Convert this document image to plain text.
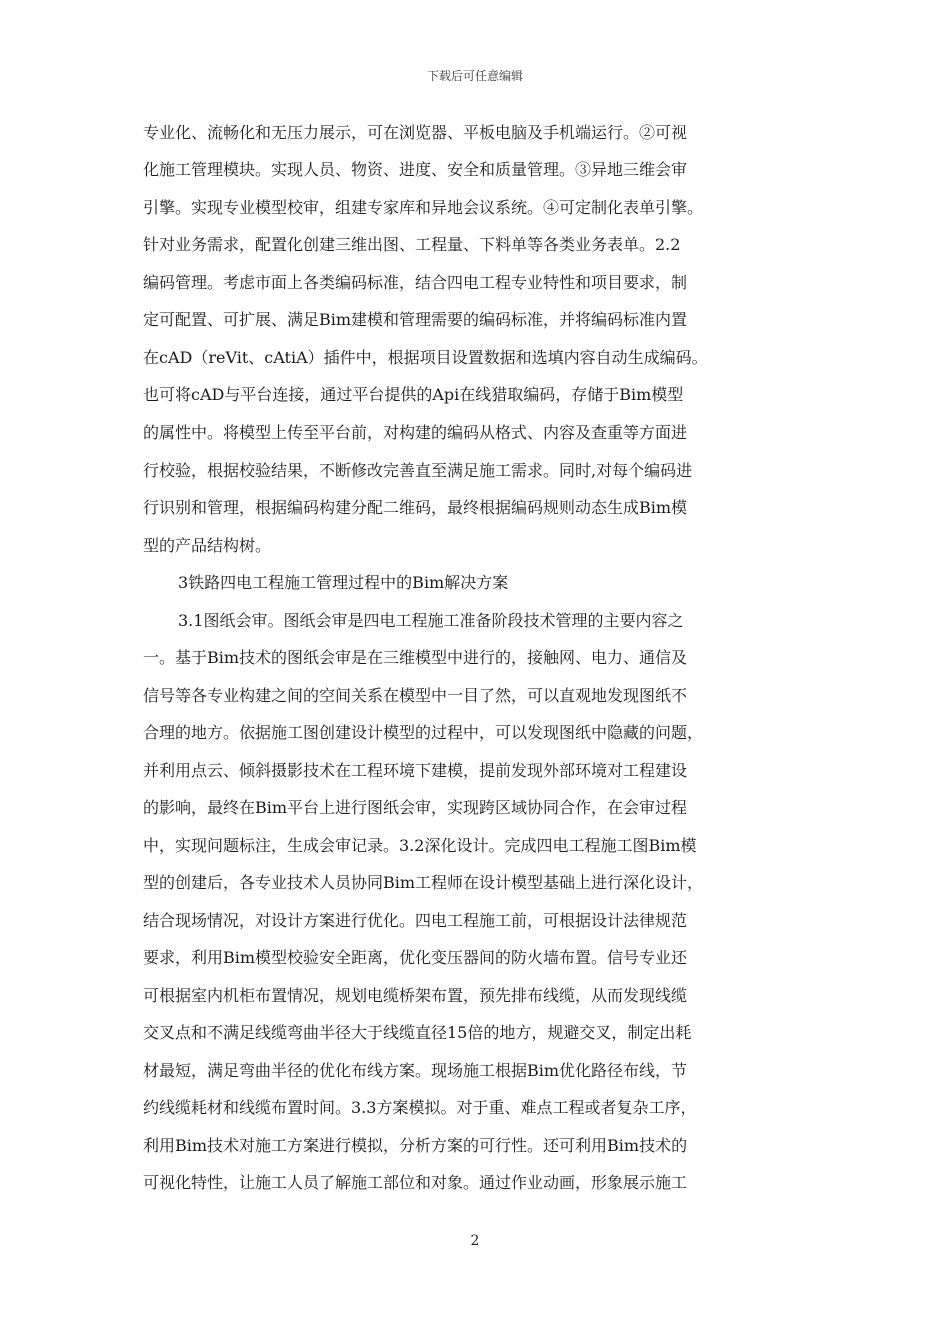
下载后可任意编辑
专业化、流畅化和无压力展示，可在浏览器、平板电脑及手机端运行。②可视
化施工管理模块。实现人员、物资、进度、安全和质量管理。③异地三维会审
引擎。实现专业模型校审，组建专家库和异地会议系统。④可定制化表单引擎。
针对业务需求，配置化创建三维出图、工程量、下料单等各类业务表单。2.2
编码管理。考虑市面上各类编码标准，结合四电工程专业特性和项目要求，制
定可配置、可扩展、满足Bim建模和管理需要的编码标准，并将编码标准内置
在cAD（reVit、cAtiA）插件中，根据项目设置数据和选填内容自动生成编码。
也可将cAD与平台连接，通过平台提供的Api在线猎取编码，存储于Bim模型
的属性中。将模型上传至平台前，对构建的编码从格式、内容及查重等方面进
行校验，根据校验结果，不断修改完善直至满足施工需求。同时,对每个编码进
行识别和管理，根据编码构建分配二维码，最终根据编码规则动态生成Bim模
型的产品结构树。
3铁路四电工程施工管理过程中的Bim解决方案
3.1图纸会审。图纸会审是四电工程施工准备阶段技术管理的主要内容之
一。基于Bim技术的图纸会审是在三维模型中进行的，接触网、电力、通信及
信号等各专业构建之间的空间关系在模型中一目了然，可以直观地发现图纸不
合理的地方。依据施工图创建设计模型的过程中，可以发现图纸中隐藏的问题，
并利用点云、倾斜摄影技术在工程环境下建模，提前发现外部环境对工程建设
的影响，最终在Bim平台上进行图纸会审，实现跨区域协同合作，在会审过程
中，实现问题标注，生成会审记录。3.2深化设计。完成四电工程施工图Bim模
型的创建后，各专业技术人员协同Bim工程师在设计模型基础上进行深化设计，
结合现场情况，对设计方案进行优化。四电工程施工前，可根据设计法律规范
要求，利用Bim模型校验安全距离，优化变压器间的防火墙布置。信号专业还
可根据室内机柜布置情况，规划电缆桥架布置，预先排布线缆，从而发现线缆
交叉点和不满足线缆弯曲半径大于线缆直径15倍的地方，规避交叉，制定出耗
材最短，满足弯曲半径的优化布线方案。现场施工根据Bim优化路径布线，节
约线缆耗材和线缆布置时间。3.3方案模拟。对于重、难点工程或者复杂工序，
利用Bim技术对施工方案进行模拟，分析方案的可行性。还可利用Bim技术的
可视化特性，让施工人员了解施工部位和对象。通过作业动画，形象展示施工
2
